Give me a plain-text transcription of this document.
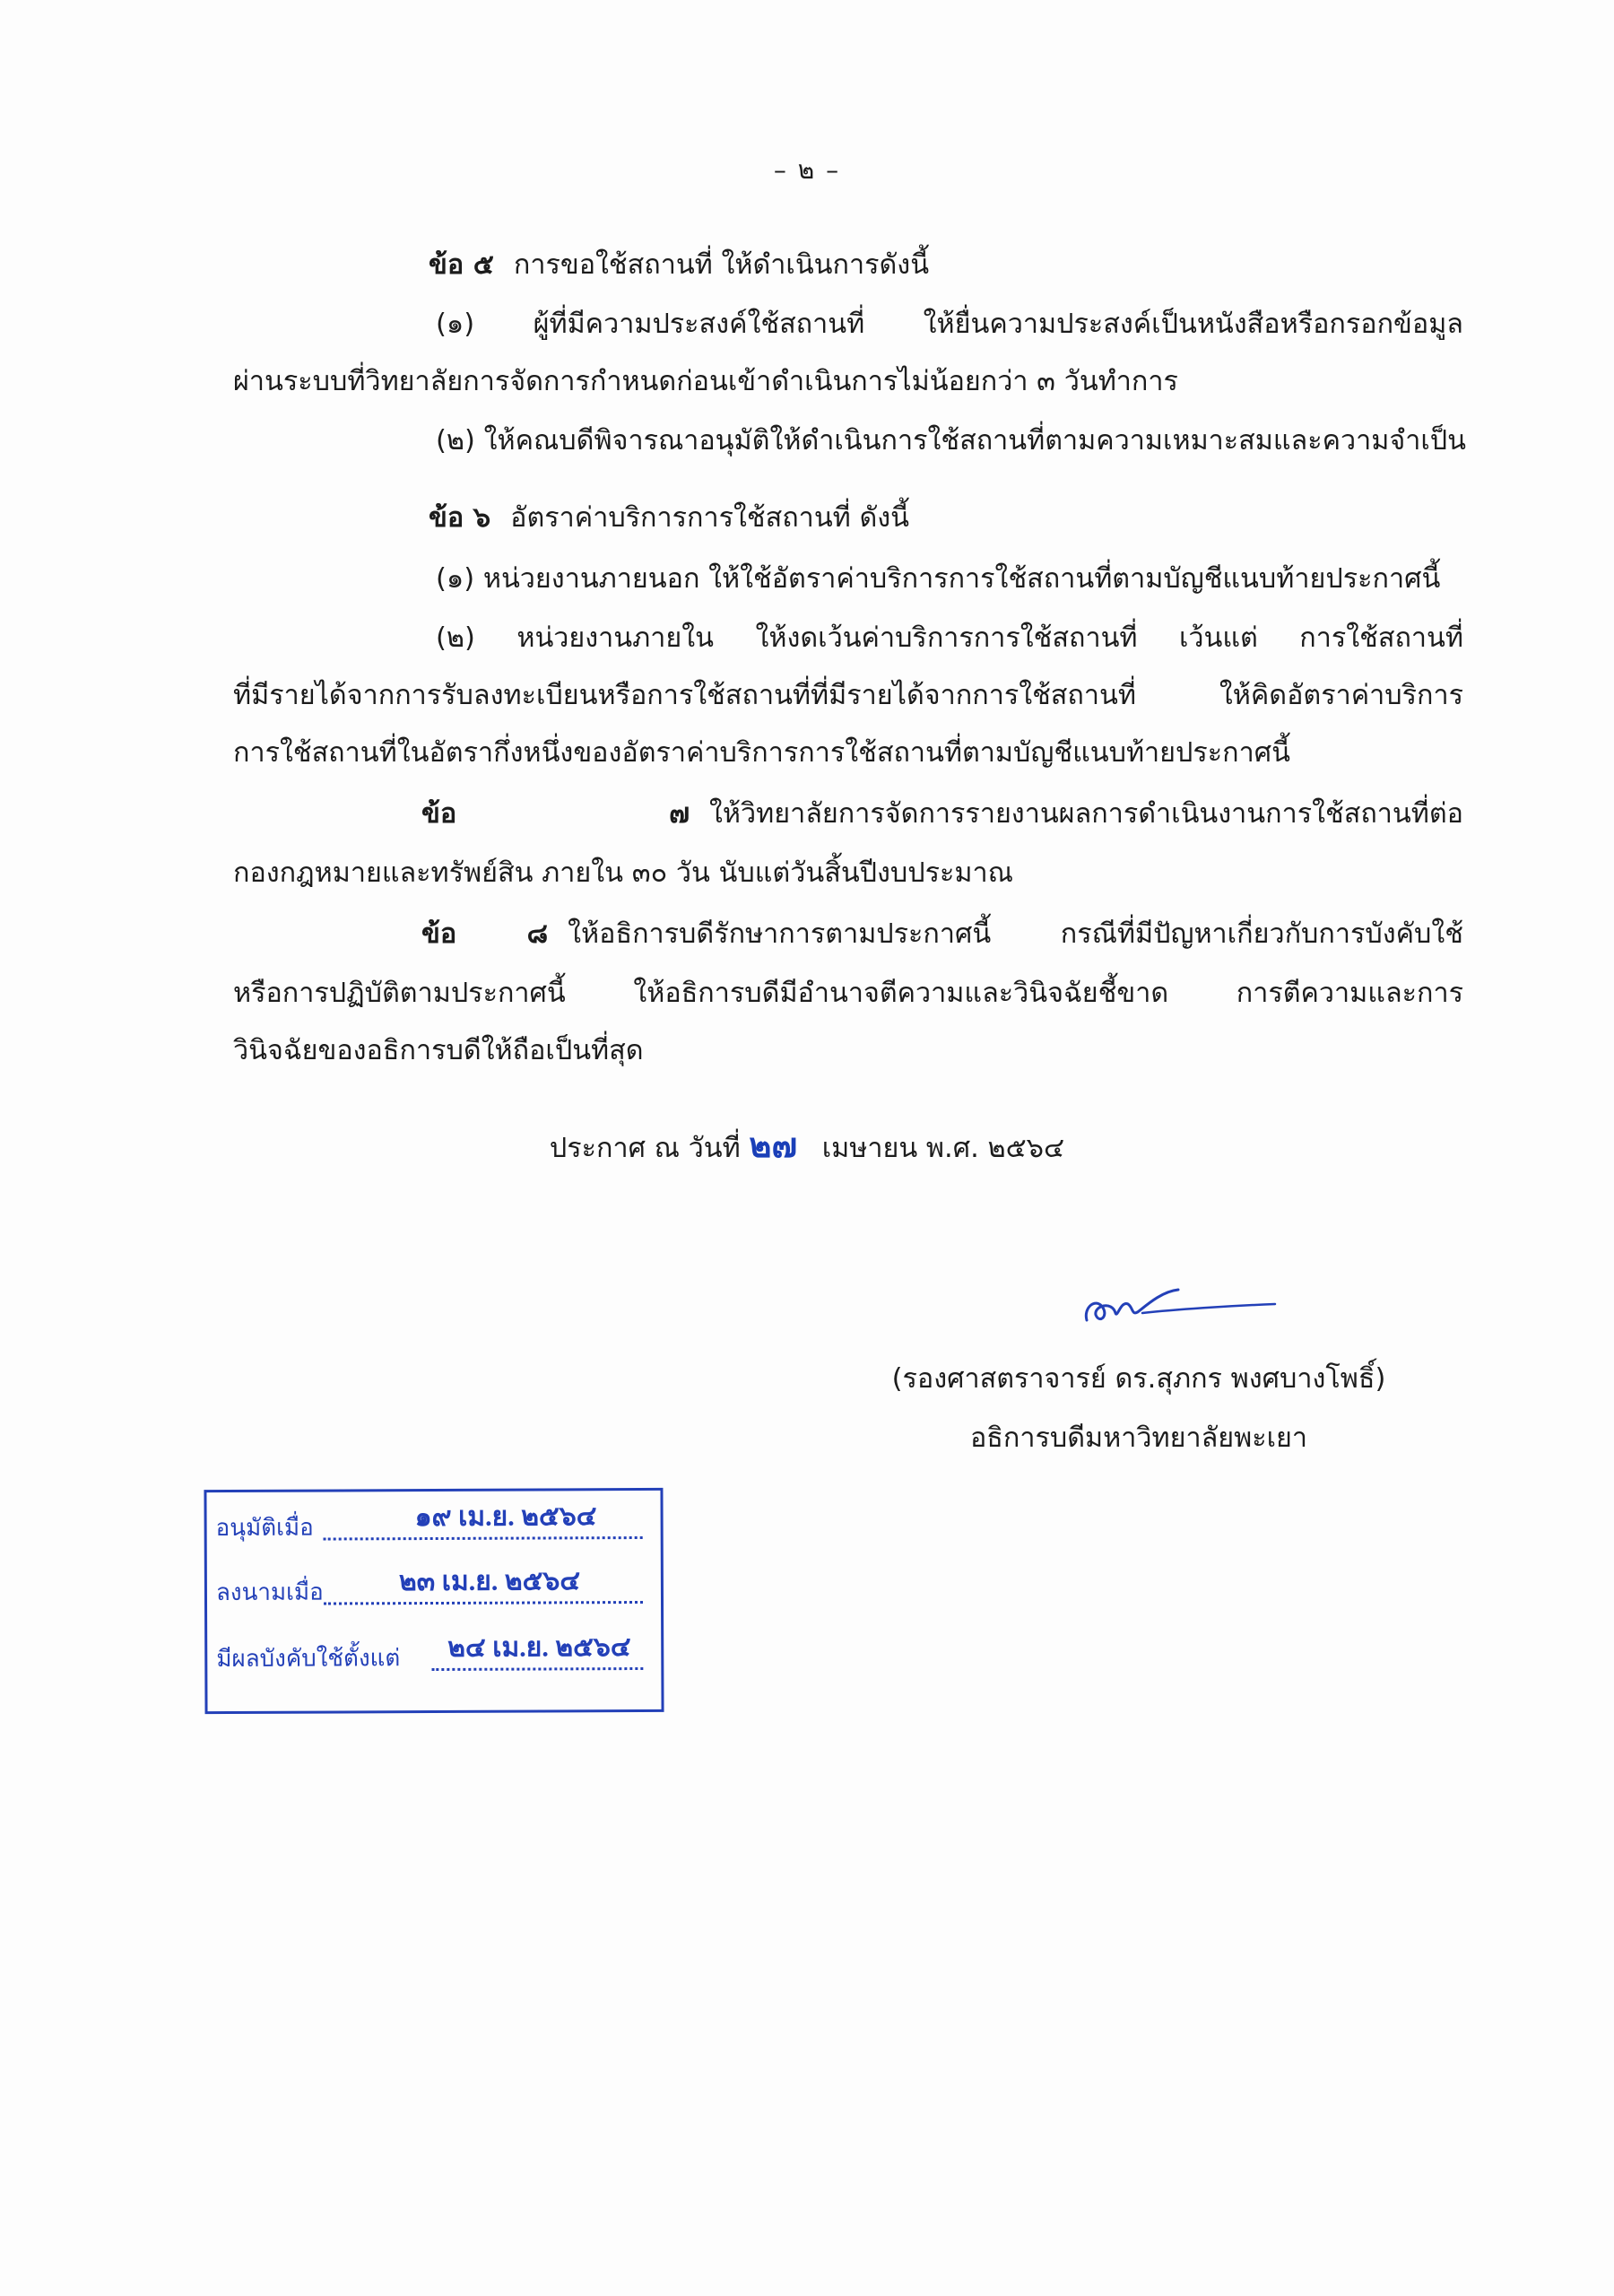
– ๒ –
ข้อ ๕ การขอใช้สถานที่ ให้ดำเนินการดังนี้
(๑) ผู้ที่มีความประสงค์ใช้สถานที่ ให้ยื่นความประสงค์เป็นหนังสือหรือกรอกข้อมูล
ผ่านระบบที่วิทยาลัยการจัดการกำหนดก่อนเข้าดำเนินการไม่น้อยกว่า ๓ วันทำการ
(๒) ให้คณบดีพิจารณาอนุมัติให้ดำเนินการใช้สถานที่ตามความเหมาะสมและความจำเป็น
ข้อ ๖ อัตราค่าบริการการใช้สถานที่ ดังนี้
(๑) หน่วยงานภายนอก ให้ใช้อัตราค่าบริการการใช้สถานที่ตามบัญชีแนบท้ายประกาศนี้
(๒) หน่วยงานภายใน ให้งดเว้นค่าบริการการใช้สถานที่ เว้นแต่ การใช้สถานที่
ที่มีรายได้จากการรับลงทะเบียนหรือการใช้สถานที่ที่มีรายได้จากการใช้สถานที่ ให้คิดอัตราค่าบริการ
การใช้สถานที่ในอัตรากึ่งหนึ่งของอัตราค่าบริการการใช้สถานที่ตามบัญชีแนบท้ายประกาศนี้
ข้อ ๗ ให้วิทยาลัยการจัดการรายงานผลการดำเนินงานการใช้สถานที่ต่อ
กองกฎหมายและทรัพย์สิน ภายใน ๓๐ วัน นับแต่วันสิ้นปีงบประมาณ
ข้อ ๘ ให้อธิการบดีรักษาการตามประกาศนี้ กรณีที่มีปัญหาเกี่ยวกับการบังคับใช้
หรือการปฏิบัติตามประกาศนี้ ให้อธิการบดีมีอำนาจตีความและวินิจฉัยชี้ขาด การตีความและการ
วินิจฉัยของอธิการบดีให้ถือเป็นที่สุด
ประกาศ ณ วันที่ ๒๗ เมษายน พ.ศ. ๒๕๖๔
(รองศาสตราจารย์ ดร.สุภกร พงศบางโพธิ์)
อธิการบดีมหาวิทยาลัยพะเยา
อนุมัติเมื่อ	๑๙ เม.ย. ๒๕๖๔
ลงนามเมื่อ	๒๓ เม.ย. ๒๕๖๔
มีผลบังคับใช้ตั้งแต่ ๒๔ เม.ย. ๒๕๖๔
